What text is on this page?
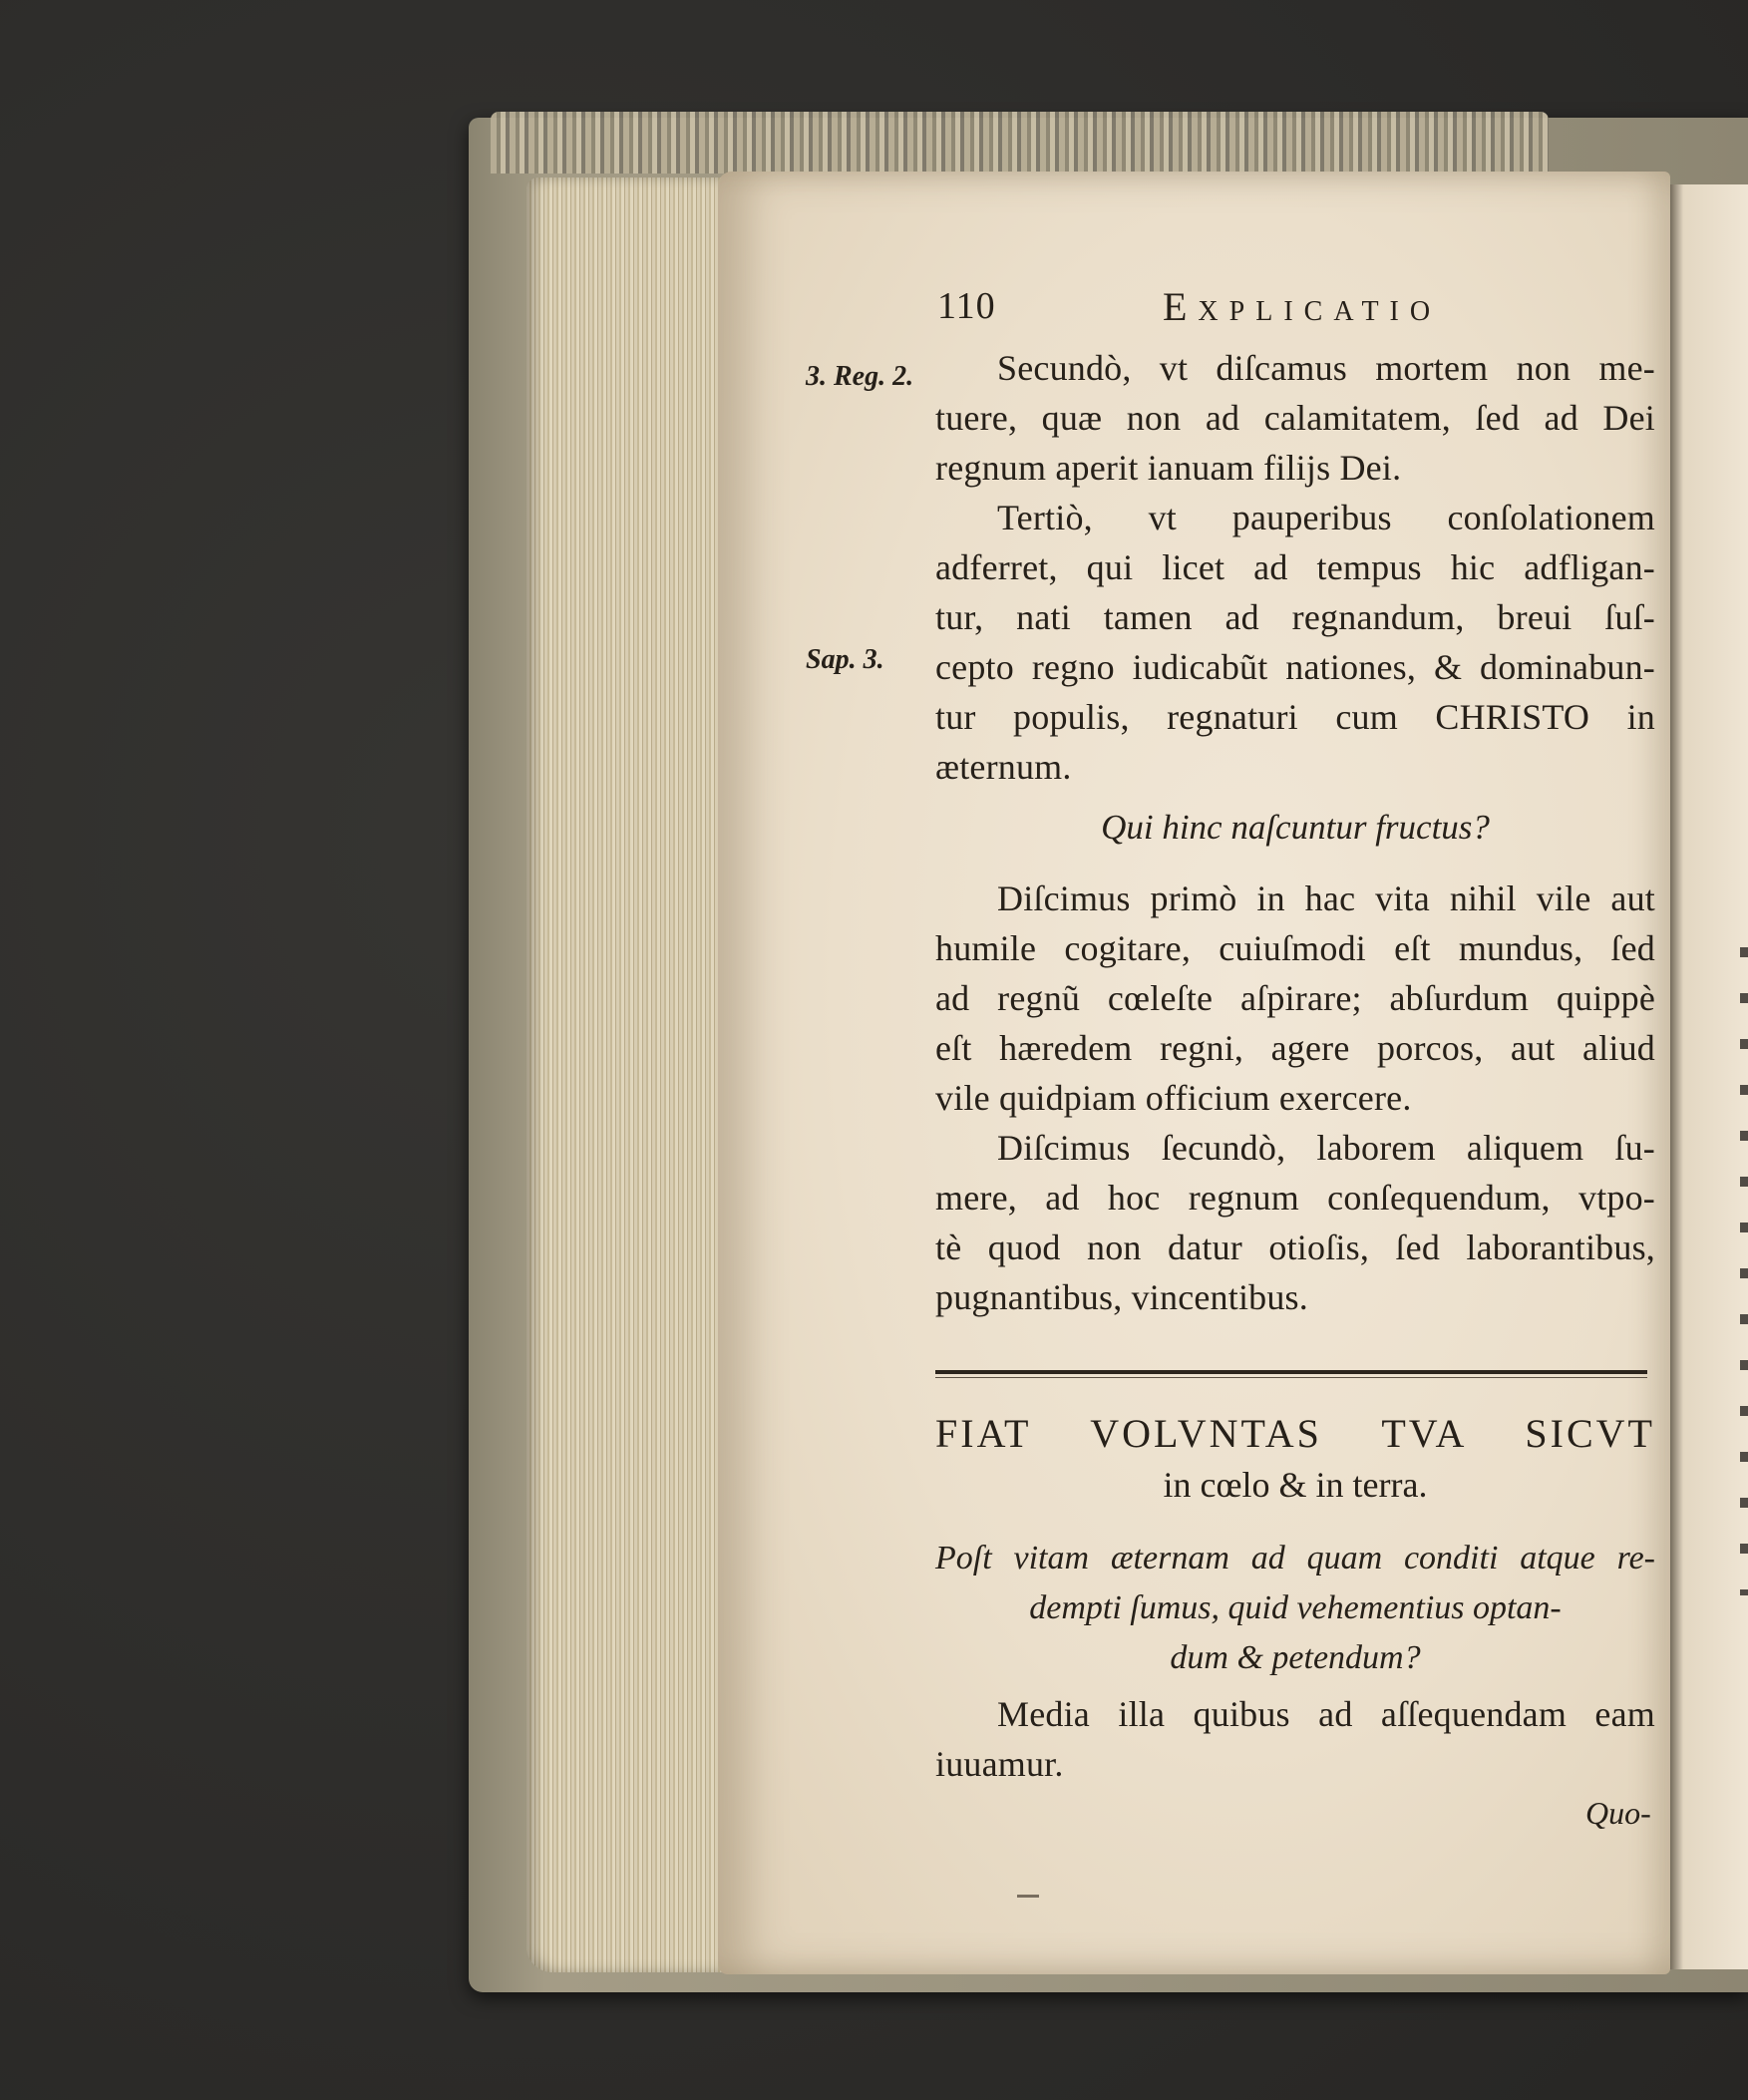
110	Explicatio
3. Reg. 2.
Sap. 3.
Secundò, vt diſcamus mortem non me-
tuere, quæ non ad calamitatem, ſed ad Dei
regnum aperit ianuam filijs Dei.
Tertiò, vt pauperibus conſolationem
adferret, qui licet ad tempus hic adfligan-
tur, nati tamen ad regnandum, breui ſuſ-
cepto regno iudicabũt nationes, & dominabun-
tur populis, regnaturi cum CHRISTO in
æternum.
Qui hinc naſcuntur fructus?
Diſcimus primò in hac vita nihil vile aut
humile cogitare, cuiuſmodi eſt mundus, ſed
ad regnũ cœleſte aſpirare; abſurdum quippè
eſt hæredem regni, agere porcos, aut aliud
vile quidpiam officium exercere.
Diſcimus ſecundò, laborem aliquem ſu-
mere, ad hoc regnum conſequendum, vtpo-
tè quod non datur otioſis, ſed laborantibus,
pugnantibus, vincentibus.
FIAT VOLVNTAS TVA SICVT
in cœlo & in terra.
Poſt vitam æternam ad quam conditi atque re-
dempti ſumus, quid vehementius optan-
dum & petendum?
Media illa quibus ad aſſequendam eam
iuuamur.
Quo-
